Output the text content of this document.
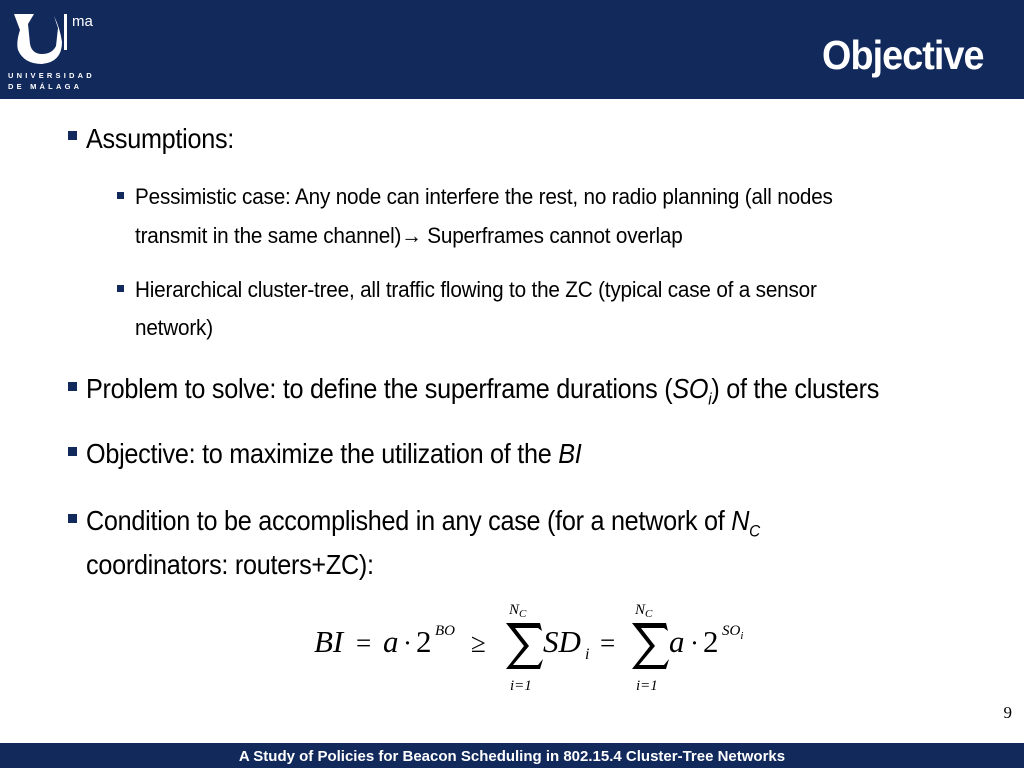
ma
UNIVERSIDAD
DE MÁLAGA
Objective
Assumptions:
Pessimistic case: Any node can interfere the rest, no radio planning (all nodes
transmit in the same channel)→ Superframes cannot overlap
Hierarchical cluster-tree, all traffic flowing to the ZC (typical case of a sensor
network)
Problem to solve: to define the superframe durations $(SO_i)$ of the clusters
Objective: to maximize the utilization of the BI
Condition to be accomplished in any case (for a network of $N_C$
coordinators: routers+ZC):
BI = a · 2 BO ≥
$N_C$
i=1
SD i =
$N_C$
i=1
a · 2 $SO_i$
9
A Study of Policies for Beacon Scheduling in 802.15.4 Cluster-Tree Networks
